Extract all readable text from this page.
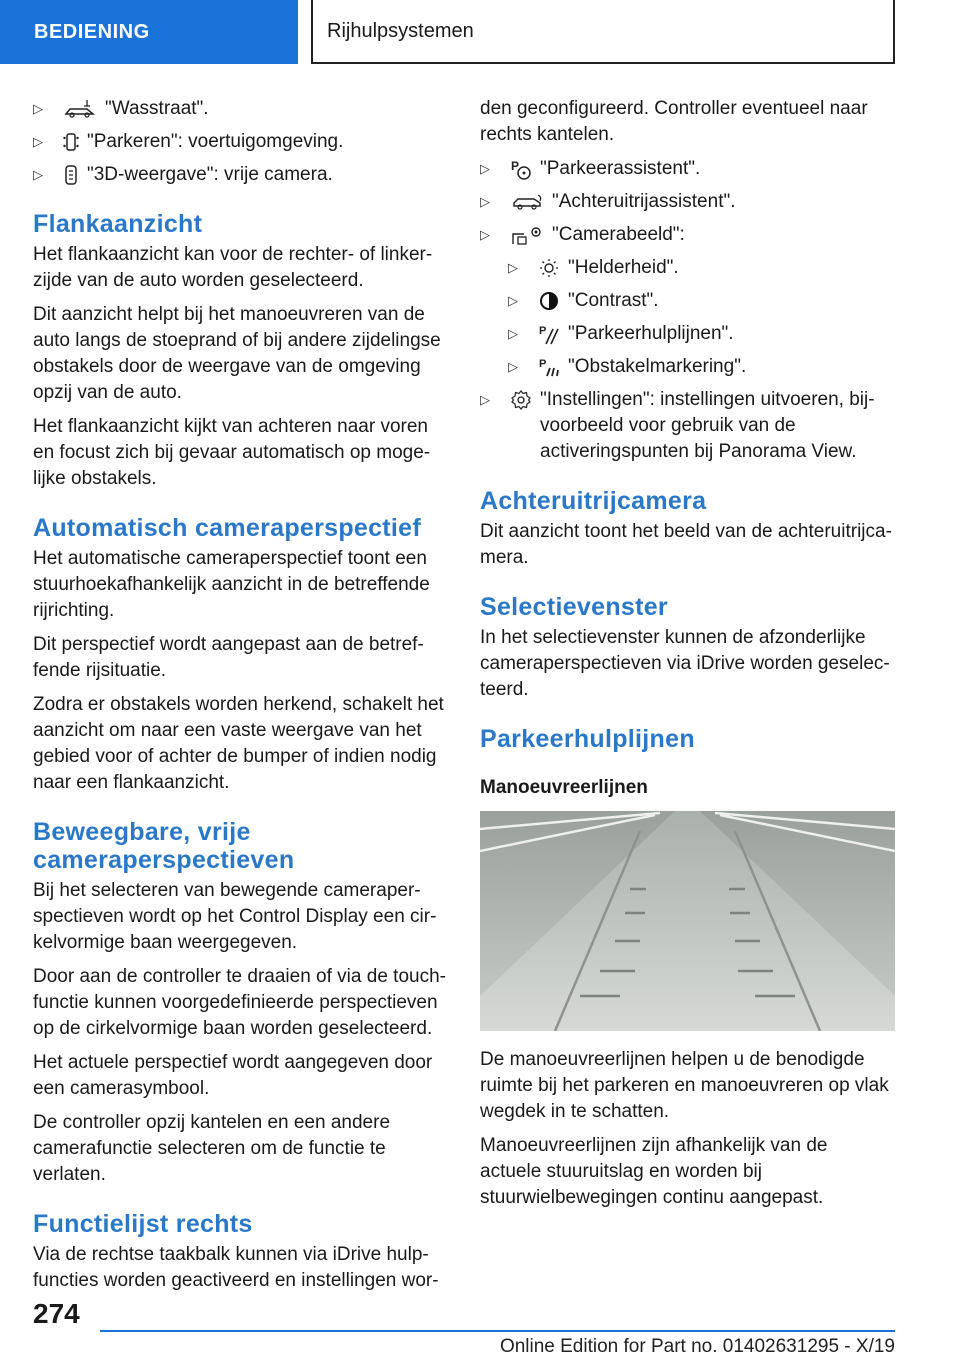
BEDIENING	Rijhulpsystemen
▷	"Wasstraat".
▷	"Parkeren": voertuigomgeving.
▷	"3D-weergave": vrije camera.
Flankaanzicht

Het flankaanzicht kan voor de rechter- of linkerzijde van de auto worden geselecteerd.

Dit aanzicht helpt bij het manoeuvreren van de auto langs de stoeprand of bij andere zijdelingse obstakels door de weergave van de omgeving opzij van de auto.

Het flankaanzicht kijkt van achteren naar voren en focust zich bij gevaar automatisch op mogelijke obstakels.

Automatisch cameraperspectief

Het automatische cameraperspectief toont een stuurhoekafhankelijk aanzicht in de betreffende rijrichting.

Dit perspectief wordt aangepast aan de betreffende rijsituatie.

Zodra er obstakels worden herkend, schakelt het aanzicht om naar een vaste weergave van het gebied voor of achter de bumper of indien nodig naar een flankaanzicht.

Beweegbare, vrije cameraperspectieven

Bij het selecteren van bewegende cameraperspectieven wordt op het Control Display een cirkelvormige baan weergegeven.

Door aan de controller te draaien of via de touchfunctie kunnen voorgedefinieerde perspectieven op de cirkelvormige baan worden geselecteerd.

Het actuele perspectief wordt aangegeven door een camerasymbool.

De controller opzij kantelen en een andere camerafunctie selecteren om de functie te verlaten.

Functielijst rechts

Via de rechtse taakbalk kunnen via iDrive hulpfuncties worden geactiveerd en instellingen wor-

den geconfigureerd. Controller eventueel naar rechts kantelen.

▷	P "Parkeerassistent".
▷	"Achteruitrijassistent".
▷	"Camerabeeld":
▷	"Helderheid".
▷	"Contrast".
▷	P "Parkeerhulplijnen".
▷	P "Obstakelmarkering".
▷	"Instellingen": instellingen uitvoeren, bijvoorbeeld voor gebruik van de activeringspunten bij Panorama View.
Achteruitrijcamera

Dit aanzicht toont het beeld van de achteruitrijcamera.

Selectievenster

In het selectievenster kunnen de afzonderlijke cameraperspectieven via iDrive worden geselecteerd.

Parkeerhulplijnen
Manoeuvreerlijnen

De manoeuvreerlijnen helpen u de benodigde ruimte bij het parkeren en manoeuvreren op vlak wegdek in te schatten.

Manoeuvreerlijnen zijn afhankelijk van de actuele stuuruitslag en worden bij stuurwielbewegingen continu aangepast.

274
Online Edition for Part no. 01402631295 - X/19
